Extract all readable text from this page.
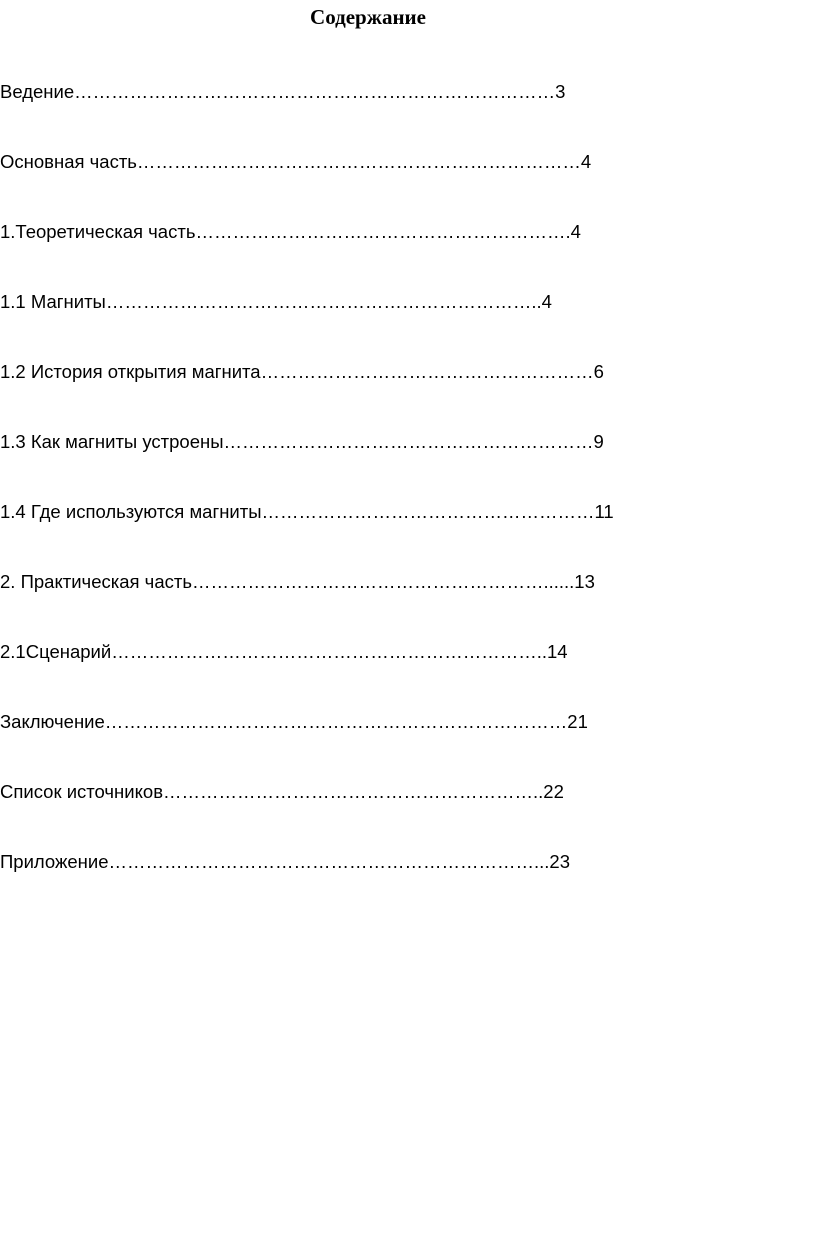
Содержание
Ведение……………………………………………………………………3
Основная часть………………………………………………………………4
1.Теоретическая часть…………………………………………………….4
1.1 Магниты……………………………………………………………..4
1.2 История открытия магнита………………………………………………6
1.3 Как магниты устроены……………………………………………………9
1.4 Где используются магниты………………………………………………11
2. Практическая часть…………………………………………………......13
2.1Сценарий……………………………………………………………..14
Заключение…………………………………………………………………21
Список источников……………………………………………………..22
Приложение……………………………………………………………...23
